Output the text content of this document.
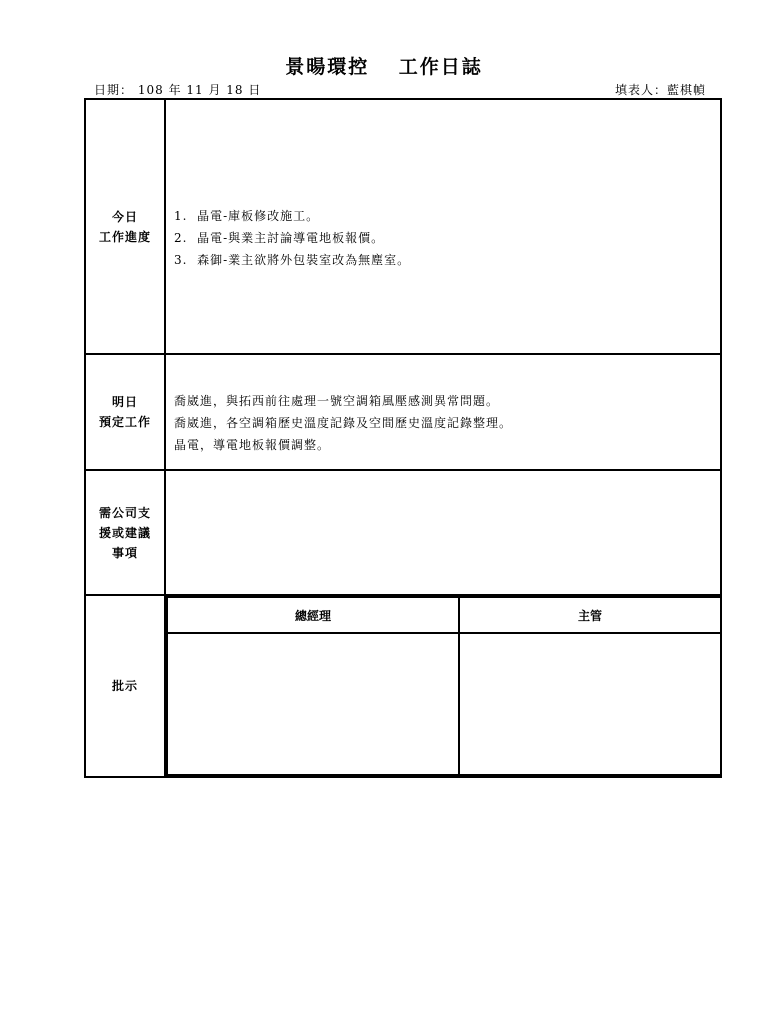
景暘環控　 工作日誌
日期： 108 年 11 月 18 日	填表人：藍棋幀
今日
工作進度

1.  晶電-庫板修改施工。
2.  晶電-與業主討論導電地板報價。
3.  森御-業主欲將外包裝室改為無塵室。

明日
預定工作

喬崴進，與拓西前往處理一號空調箱風壓感測異常問題。
喬崴進，各空調箱歷史溫度記錄及空間歷史溫度記錄整理。
晶電，導電地板報價調整。

需公司支
援或建議
事項

批示	
總經理	主管
